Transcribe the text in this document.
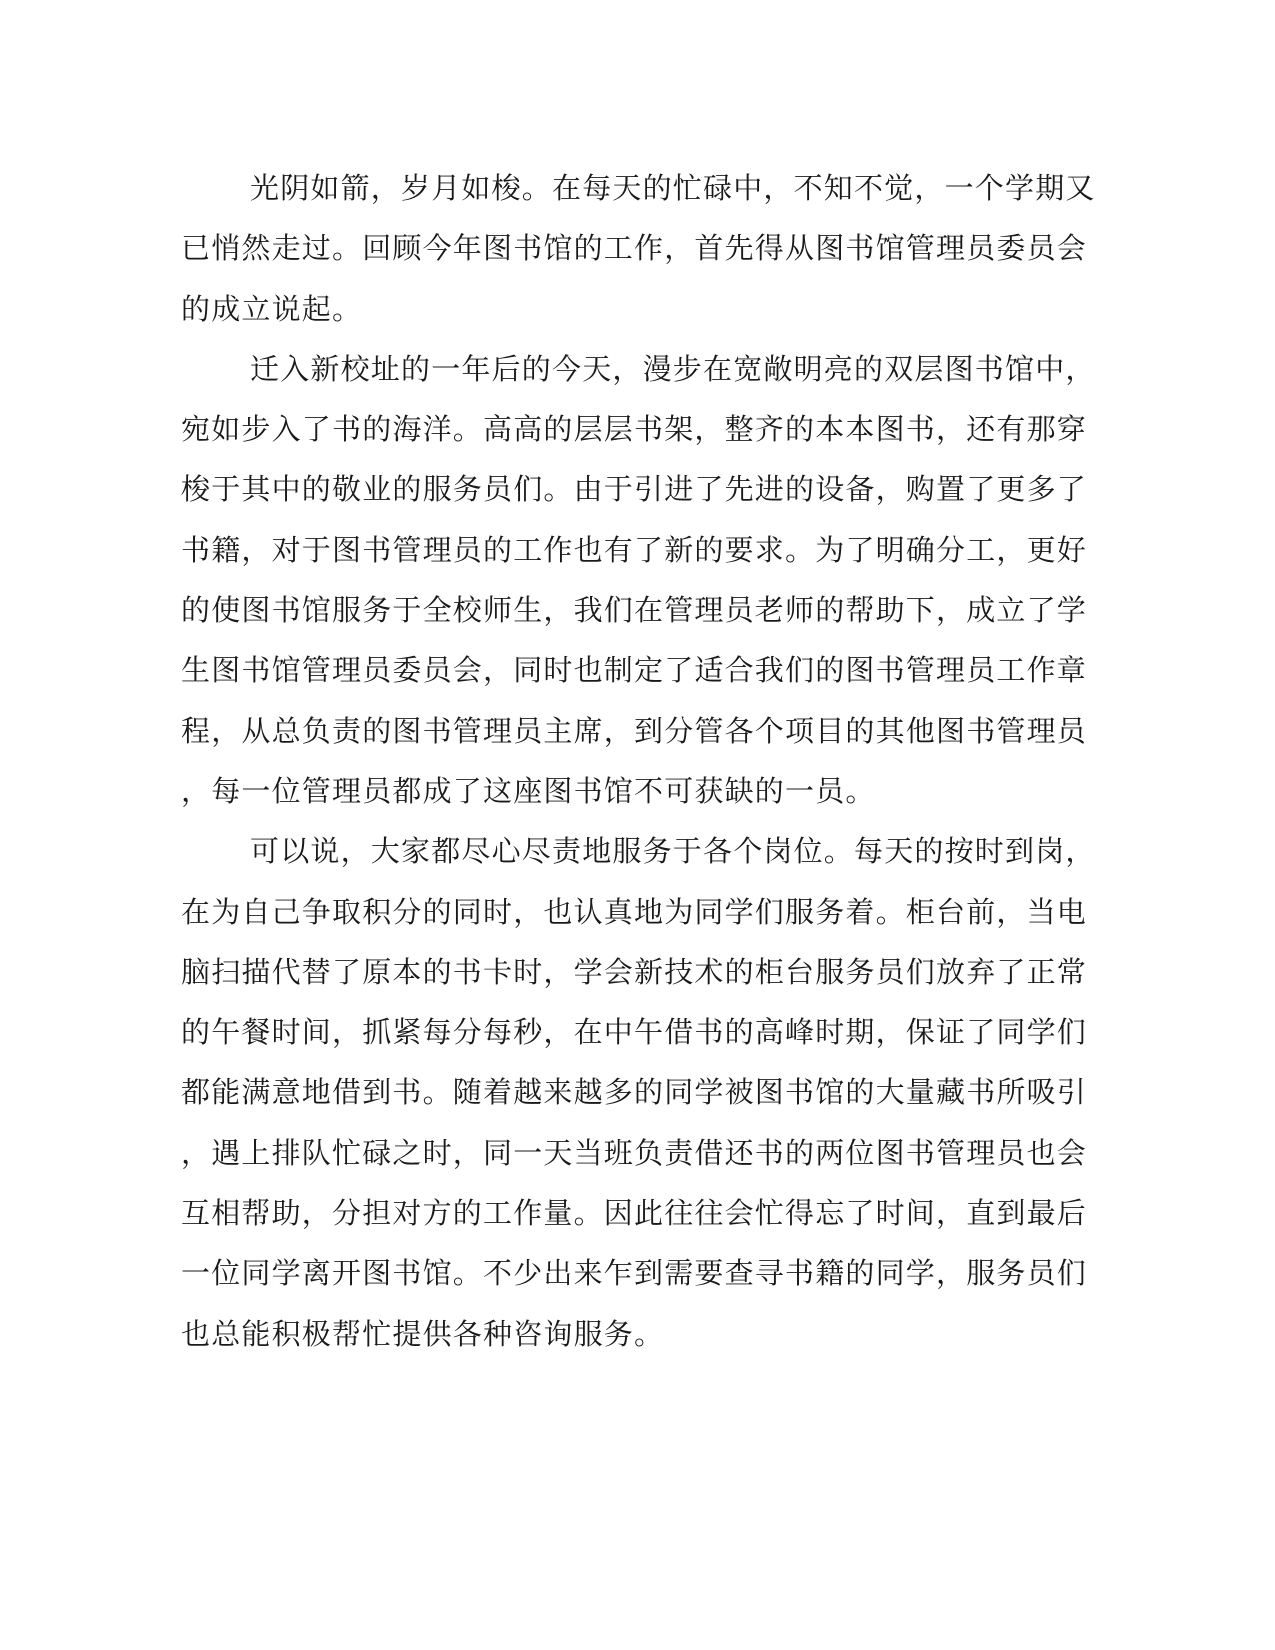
光阴如箭，岁月如梭。在每天的忙碌中，不知不觉，一个学期又
已悄然走过。回顾今年图书馆的工作，首先得从图书馆管理员委员会
的成立说起。
迁入新校址的一年后的今天，漫步在宽敞明亮的双层图书馆中，
宛如步入了书的海洋。高高的层层书架，整齐的本本图书，还有那穿
梭于其中的敬业的服务员们。由于引进了先进的设备，购置了更多了
书籍，对于图书管理员的工作也有了新的要求。为了明确分工，更好
的使图书馆服务于全校师生，我们在管理员老师的帮助下，成立了学
生图书馆管理员委员会，同时也制定了适合我们的图书管理员工作章
程，从总负责的图书管理员主席，到分管各个项目的其他图书管理员
，每一位管理员都成了这座图书馆不可获缺的一员。
可以说，大家都尽心尽责地服务于各个岗位。每天的按时到岗，
在为自己争取积分的同时，也认真地为同学们服务着。柜台前，当电
脑扫描代替了原本的书卡时，学会新技术的柜台服务员们放弃了正常
的午餐时间，抓紧每分每秒，在中午借书的高峰时期，保证了同学们
都能满意地借到书。随着越来越多的同学被图书馆的大量藏书所吸引
，遇上排队忙碌之时，同一天当班负责借还书的两位图书管理员也会
互相帮助，分担对方的工作量。因此往往会忙得忘了时间，直到最后
一位同学离开图书馆。不少出来乍到需要查寻书籍的同学，服务员们
也总能积极帮忙提供各种咨询服务。
